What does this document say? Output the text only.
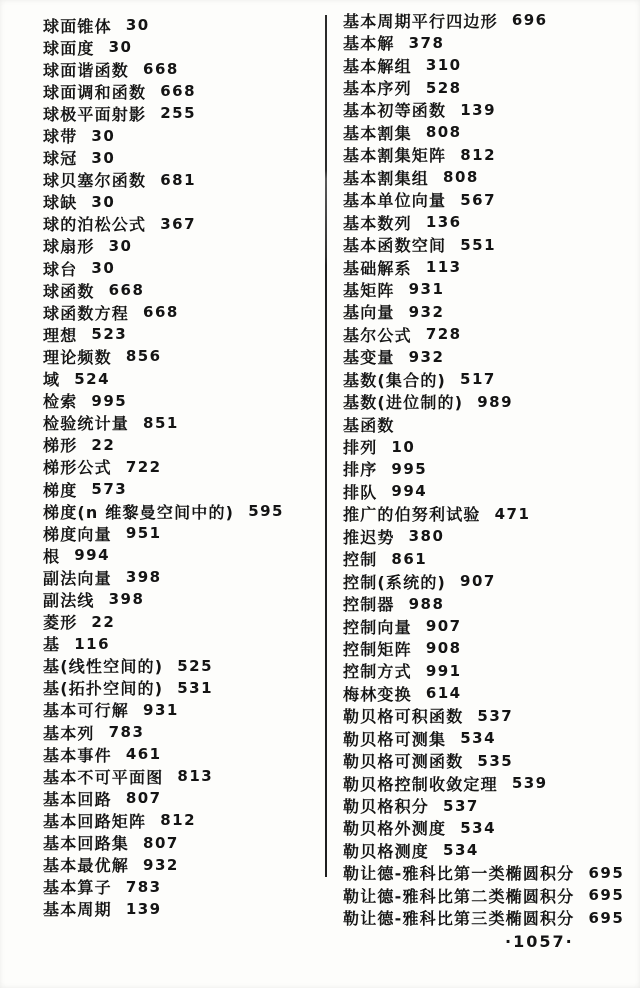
球面锥体 30
球面度 30
球面谐函数 668
球面调和函数 668
球极平面射影 255
球带 30
球冠 30
球贝塞尔函数 681
球缺 30
球的泊松公式 367
球扇形 30
球台 30
球函数 668
球函数方程 668
理想 523
理论频数 856
域 524
检索 995
检验统计量 851
梯形 22
梯形公式 722
梯度 573
梯度(n 维黎曼空间中的) 595
梯度向量 951
根 994
副法向量 398
副法线 398
菱形 22
基 116
基(线性空间的) 525
基(拓扑空间的) 531
基本可行解 931
基本列 783
基本事件 461
基本不可平面图 813
基本回路 807
基本回路矩阵 812
基本回路集 807
基本最优解 932
基本算子 783
基本周期 139
基本周期平行四边形 696
基本解 378
基本解组 310
基本序列 528
基本初等函数 139
基本割集 808
基本割集矩阵 812
基本割集组 808
基本单位向量 567
基本数列 136
基本函数空间 551
基础解系 113
基矩阵 931
基向量 932
基尔公式 728
基变量 932
基数(集合的) 517
基数(进位制的) 989
基函数
排列 10
排序 995
排队 994
推广的伯努利试验 471
推迟势 380
控制 861
控制(系统的) 907
控制器 988
控制向量 907
控制矩阵 908
控制方式 991
梅林变换 614
勒贝格可积函数 537
勒贝格可测集 534
勒贝格可测函数 535
勒贝格控制收敛定理 539
勒贝格积分 537
勒贝格外测度 534
勒贝格测度 534
勒让德-雅科比第一类椭圆积分 695
勒让德-雅科比第二类椭圆积分 695
勒让德-雅科比第三类椭圆积分 695
·1057·
